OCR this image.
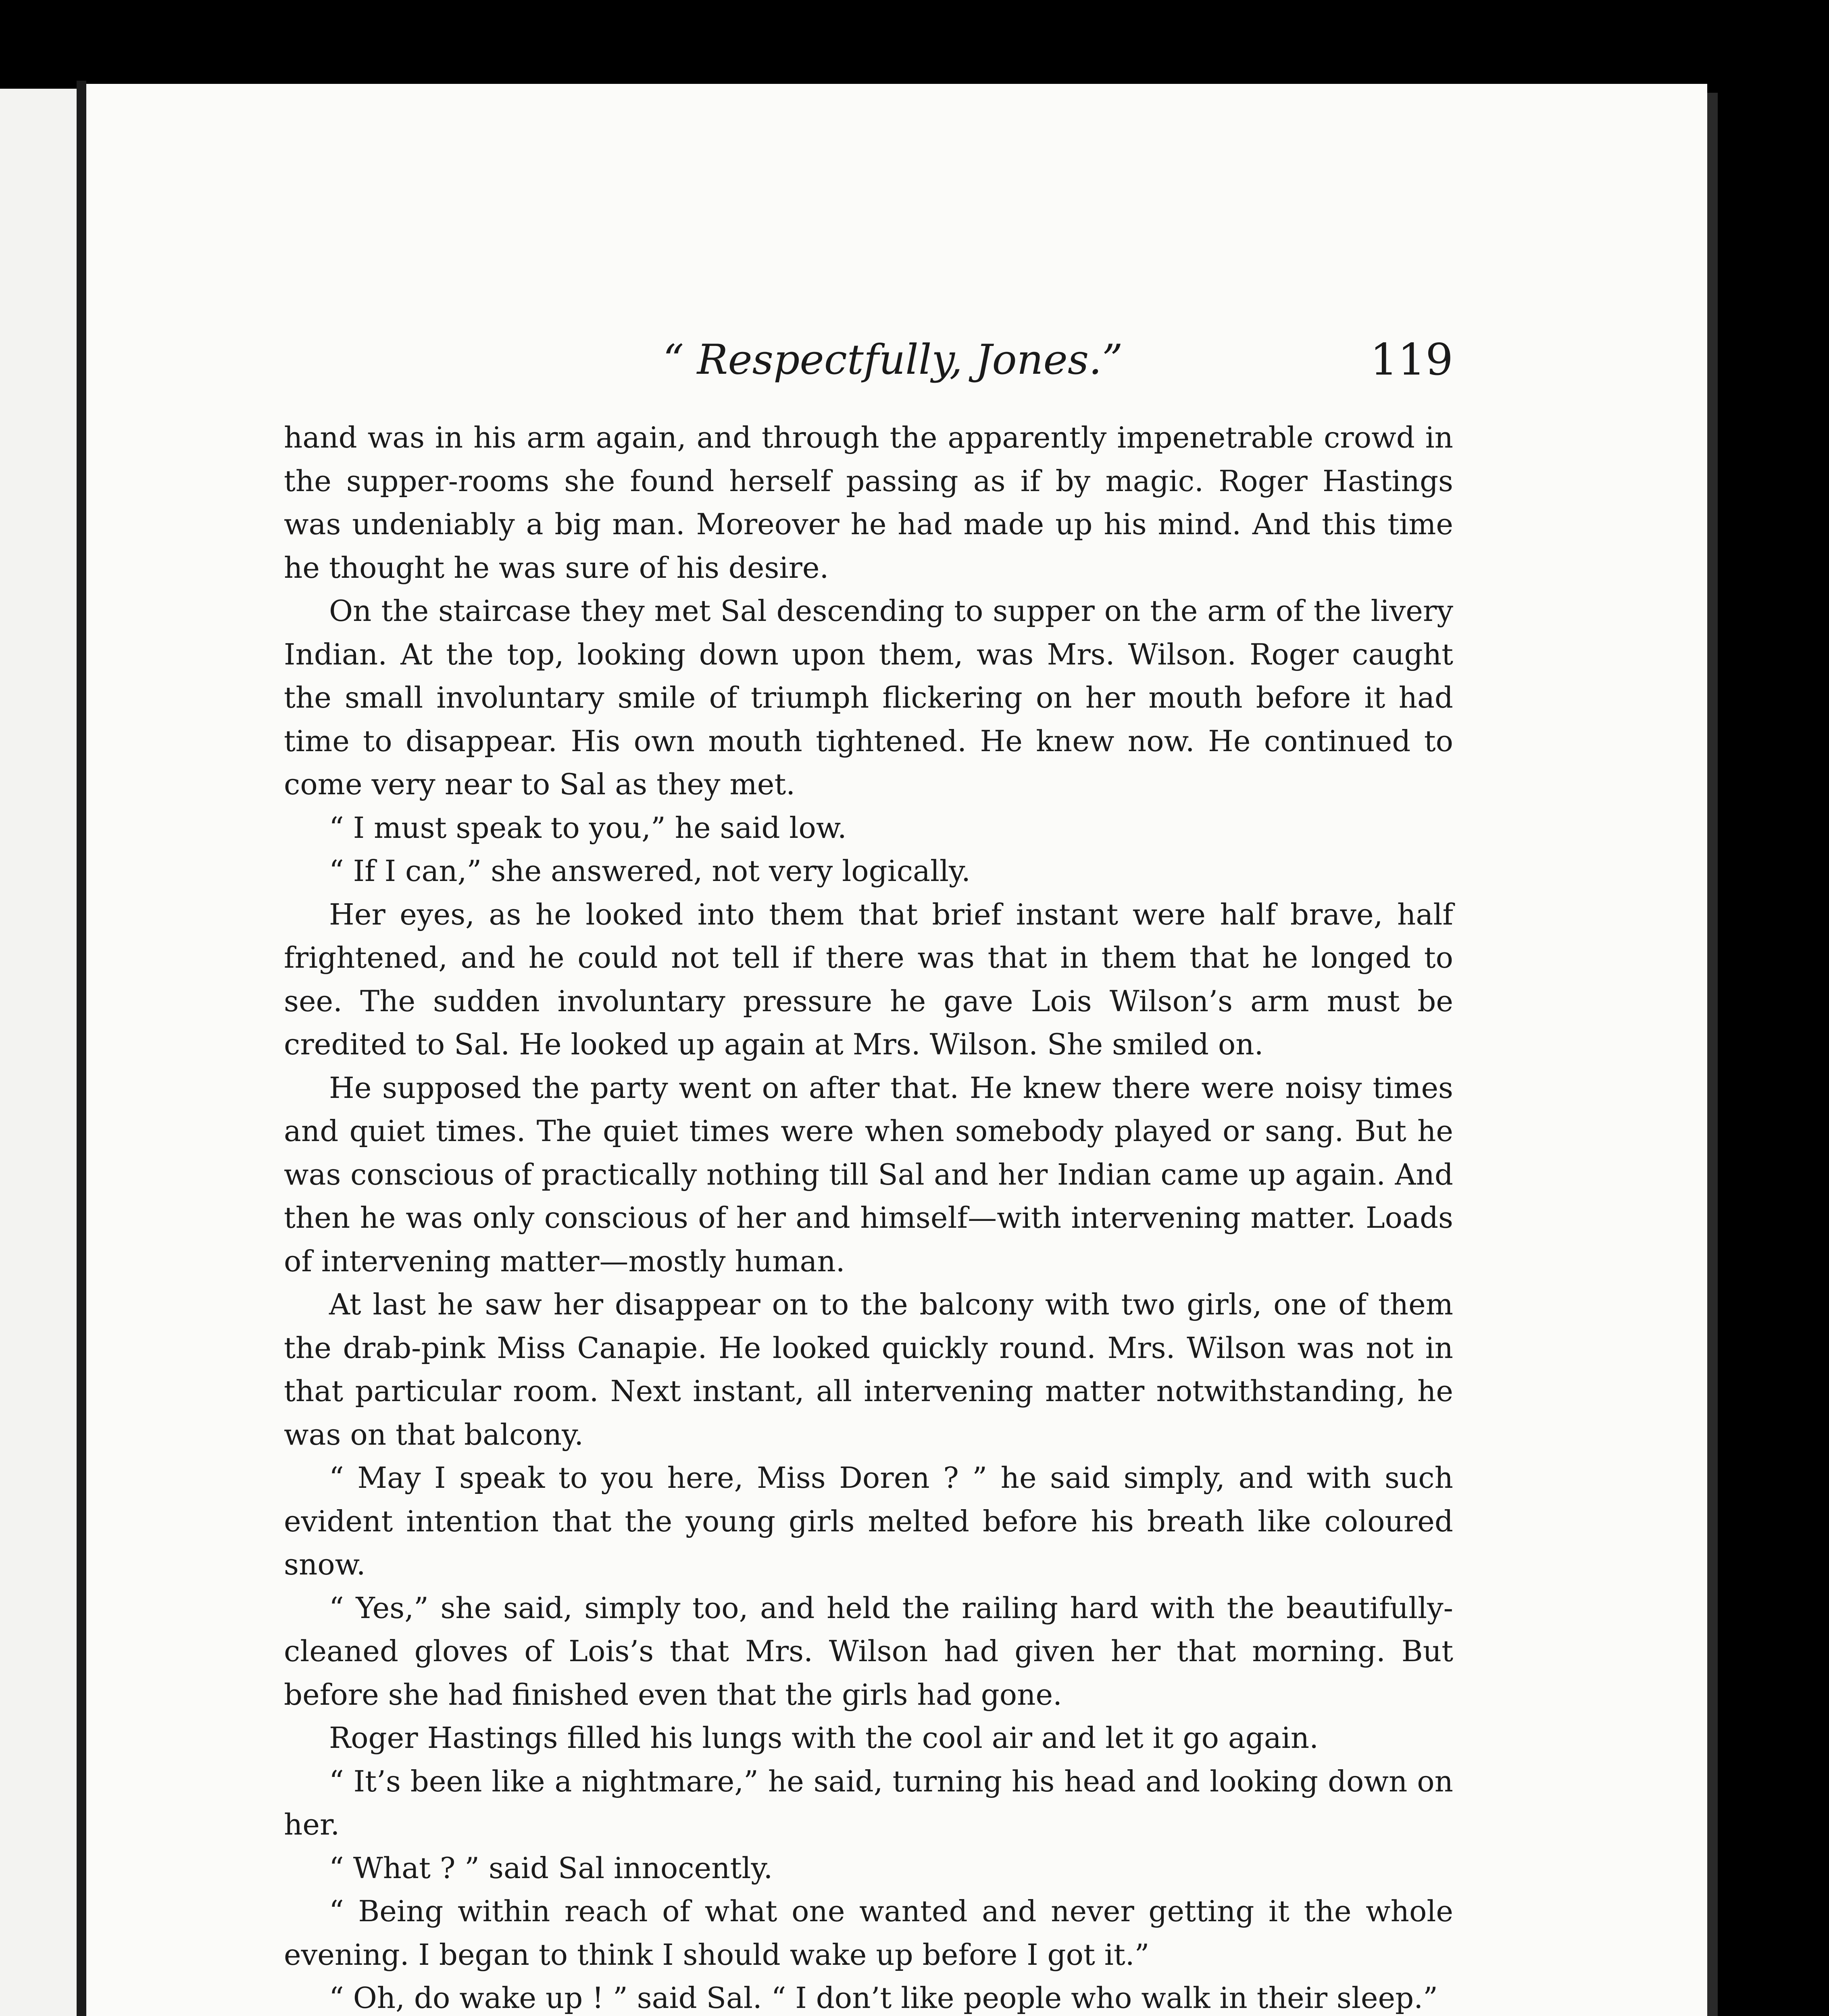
“ Respectfully, Jones.”	119

hand was in his arm again, and through the apparently impenetrable crowd in the supper-rooms she found herself passing as if by magic. Roger Hastings was undeniably a big man. Moreover he had made up his mind. And this time he thought he was sure of his desire.

On the staircase they met Sal descending to supper on the arm of the livery Indian. At the top, looking down upon them, was Mrs. Wilson. Roger caught the small involuntary smile of triumph flickering on her mouth before it had time to disappear. His own mouth tightened. He knew now. He continued to come very near to Sal as they met.

“ I must speak to you,” he said low.

“ If I can,” she answered, not very logically.

Her eyes, as he looked into them that brief instant were half brave, half frightened, and he could not tell if there was that in them that he longed to see. The sudden involuntary pressure he gave Lois Wilson’s arm must be credited to Sal. He looked up again at Mrs. Wilson. She smiled on.

He supposed the party went on after that. He knew there were noisy times and quiet times. The quiet times were when somebody played or sang. But he was conscious of practically nothing till Sal and her Indian came up again. And then he was only conscious of her and himself—with intervening matter. Loads of intervening matter—mostly human.

At last he saw her disappear on to the balcony with two girls, one of them the drab-pink Miss Canapie. He looked quickly round. Mrs. Wilson was not in that particular room. Next instant, all intervening matter notwithstanding, he was on that balcony.

“ May I speak to you here, Miss Doren ? ” he said simply, and with such evident intention that the young girls melted before his breath like coloured snow.

“ Yes,” she said, simply too, and held the railing hard with the beautifully-cleaned gloves of Lois’s that Mrs. Wilson had given her that morning. But before she had finished even that the girls had gone.

Roger Hastings filled his lungs with the cool air and let it go again.

“ It’s been like a nightmare,” he said, turning his head and looking down on her.

“ What ? ” said Sal innocently.

“ Being within reach of what one wanted and never getting it the whole evening. I began to think I should wake up before I got it.”

“ Oh, do wake up ! ” said Sal. “ I don’t like people who walk in their sleep.”
